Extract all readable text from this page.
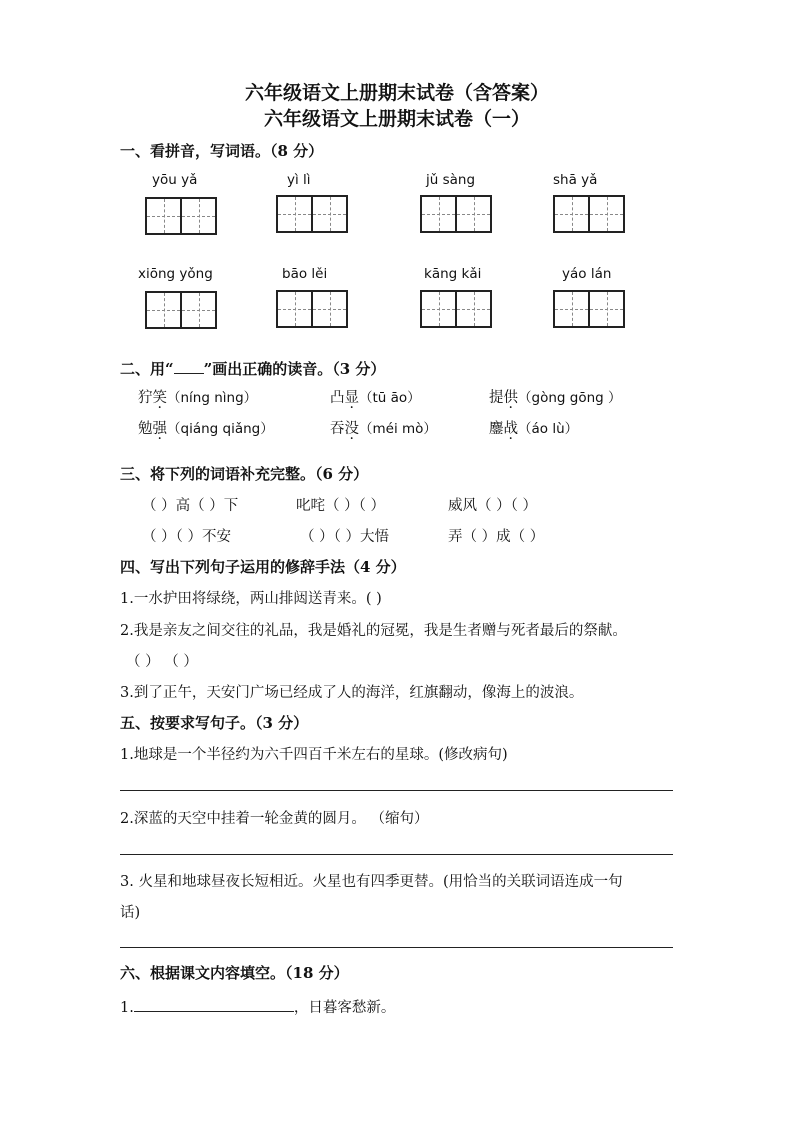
六年级语文上册期末试卷（含答案）
六年级语文上册期末试卷（一）
一、看拼音，写词语。（8 分）
yōu yǎ	yì lì	jǔ sàng	shā yǎ
xiōng yǒng	bāo lěi	kāng kǎi	yáo lán
二、用“ ”画出正确的读音。（3 分）
狞笑（níng nìng）	凸显（tū āo）	提供（gòng gōng ）
勉强（qiáng qiǎng）	吞没（méi mò）	鏖战（áo lù）
三、将下列的词语补充完整。（6 分）
（ ）高（ ）下	叱咤（ ）（ ）	威风（ ）（ ）
（ ）（ ）不安	（ ）（ ）大悟	弄（ ）成（ ）
四、写出下列句子运用的修辞手法（4 分）
1.一水护田将绿绕，两山排闼送青来。( )
2.我是亲友之间交往的礼品，我是婚礼的冠冕，我是生者赠与死者最后的祭献。
（ ） （ ）
3.到了正午，天安门广场已经成了人的海洋，红旗翻动，像海上的波浪。
五、按要求写句子。（3 分）
1.地球是一个半径约为六千四百千米左右的星球。(修改病句)
2.深蓝的天空中挂着一轮金黄的圆月。 （缩句）
3. 火星和地球昼夜长短相近。火星也有四季更替。(用恰当的关联词语连成一句
话)
六、根据课文内容填空。（18 分）
1.	，日暮客愁新。
